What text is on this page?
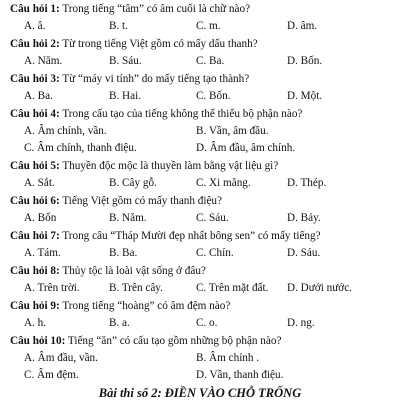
Câu hỏi 1: Trong tiếng “tâm” có âm cuối là chữ nào?
A. â.	B. t.	C. m.	D. âm.
Câu hỏi 2: Từ trong tiếng Việt gồm có mấy dấu thanh?
A. Năm.	B. Sáu.	C. Ba.	D. Bốn.
Câu hỏi 3: Từ “máy vi tính” do mấy tiếng tạo thành?
A. Ba.	B. Hai.	C. Bốn.	D. Một.
Câu hỏi 4: Trong cấu tạo của tiếng không thể thiếu bộ phận nào?
A. Âm chính, vần.	B. Vần, âm đầu.
C. Âm chính, thanh điệu.	D. Âm đầu, âm chính.
Câu hỏi 5: Thuyền độc mộc là thuyền làm bằng vật liệu gì?
A. Sắt.	B. Cây gỗ.	C. Xi măng.	D. Thép.
Câu hỏi 6: Tiếng Việt gồm có mấy thanh điệu?
A. Bốn	B. Năm.	C. Sáu.	D. Bảy.
Câu hỏi 7: Trong câu “Tháp Mười đẹp nhất bông sen” có mấy tiếng?
A. Tám.	B. Ba.	C. Chín.	D. Sáu.
Câu hỏi 8: Thủy tộc là loài vật sống ở đâu?
A. Trên trời.	B. Trên cây.	C. Trên mặt đất. D. Dưới nước.
Câu hỏi 9: Trong tiếng “hoàng” có âm đệm nào?
A. h.	B. a.	C. o.	D. ng.
Câu hỏi 10: Tiếng “ăn” có cấu tạo gồm những bộ phận nào?
Bài thi số 2: ĐIỀN VÀO CHỖ TRỐNG
A. Âm đầu, vần.	B. Âm chính .
C. Âm đệm.	D. Vần, thanh điệu.
